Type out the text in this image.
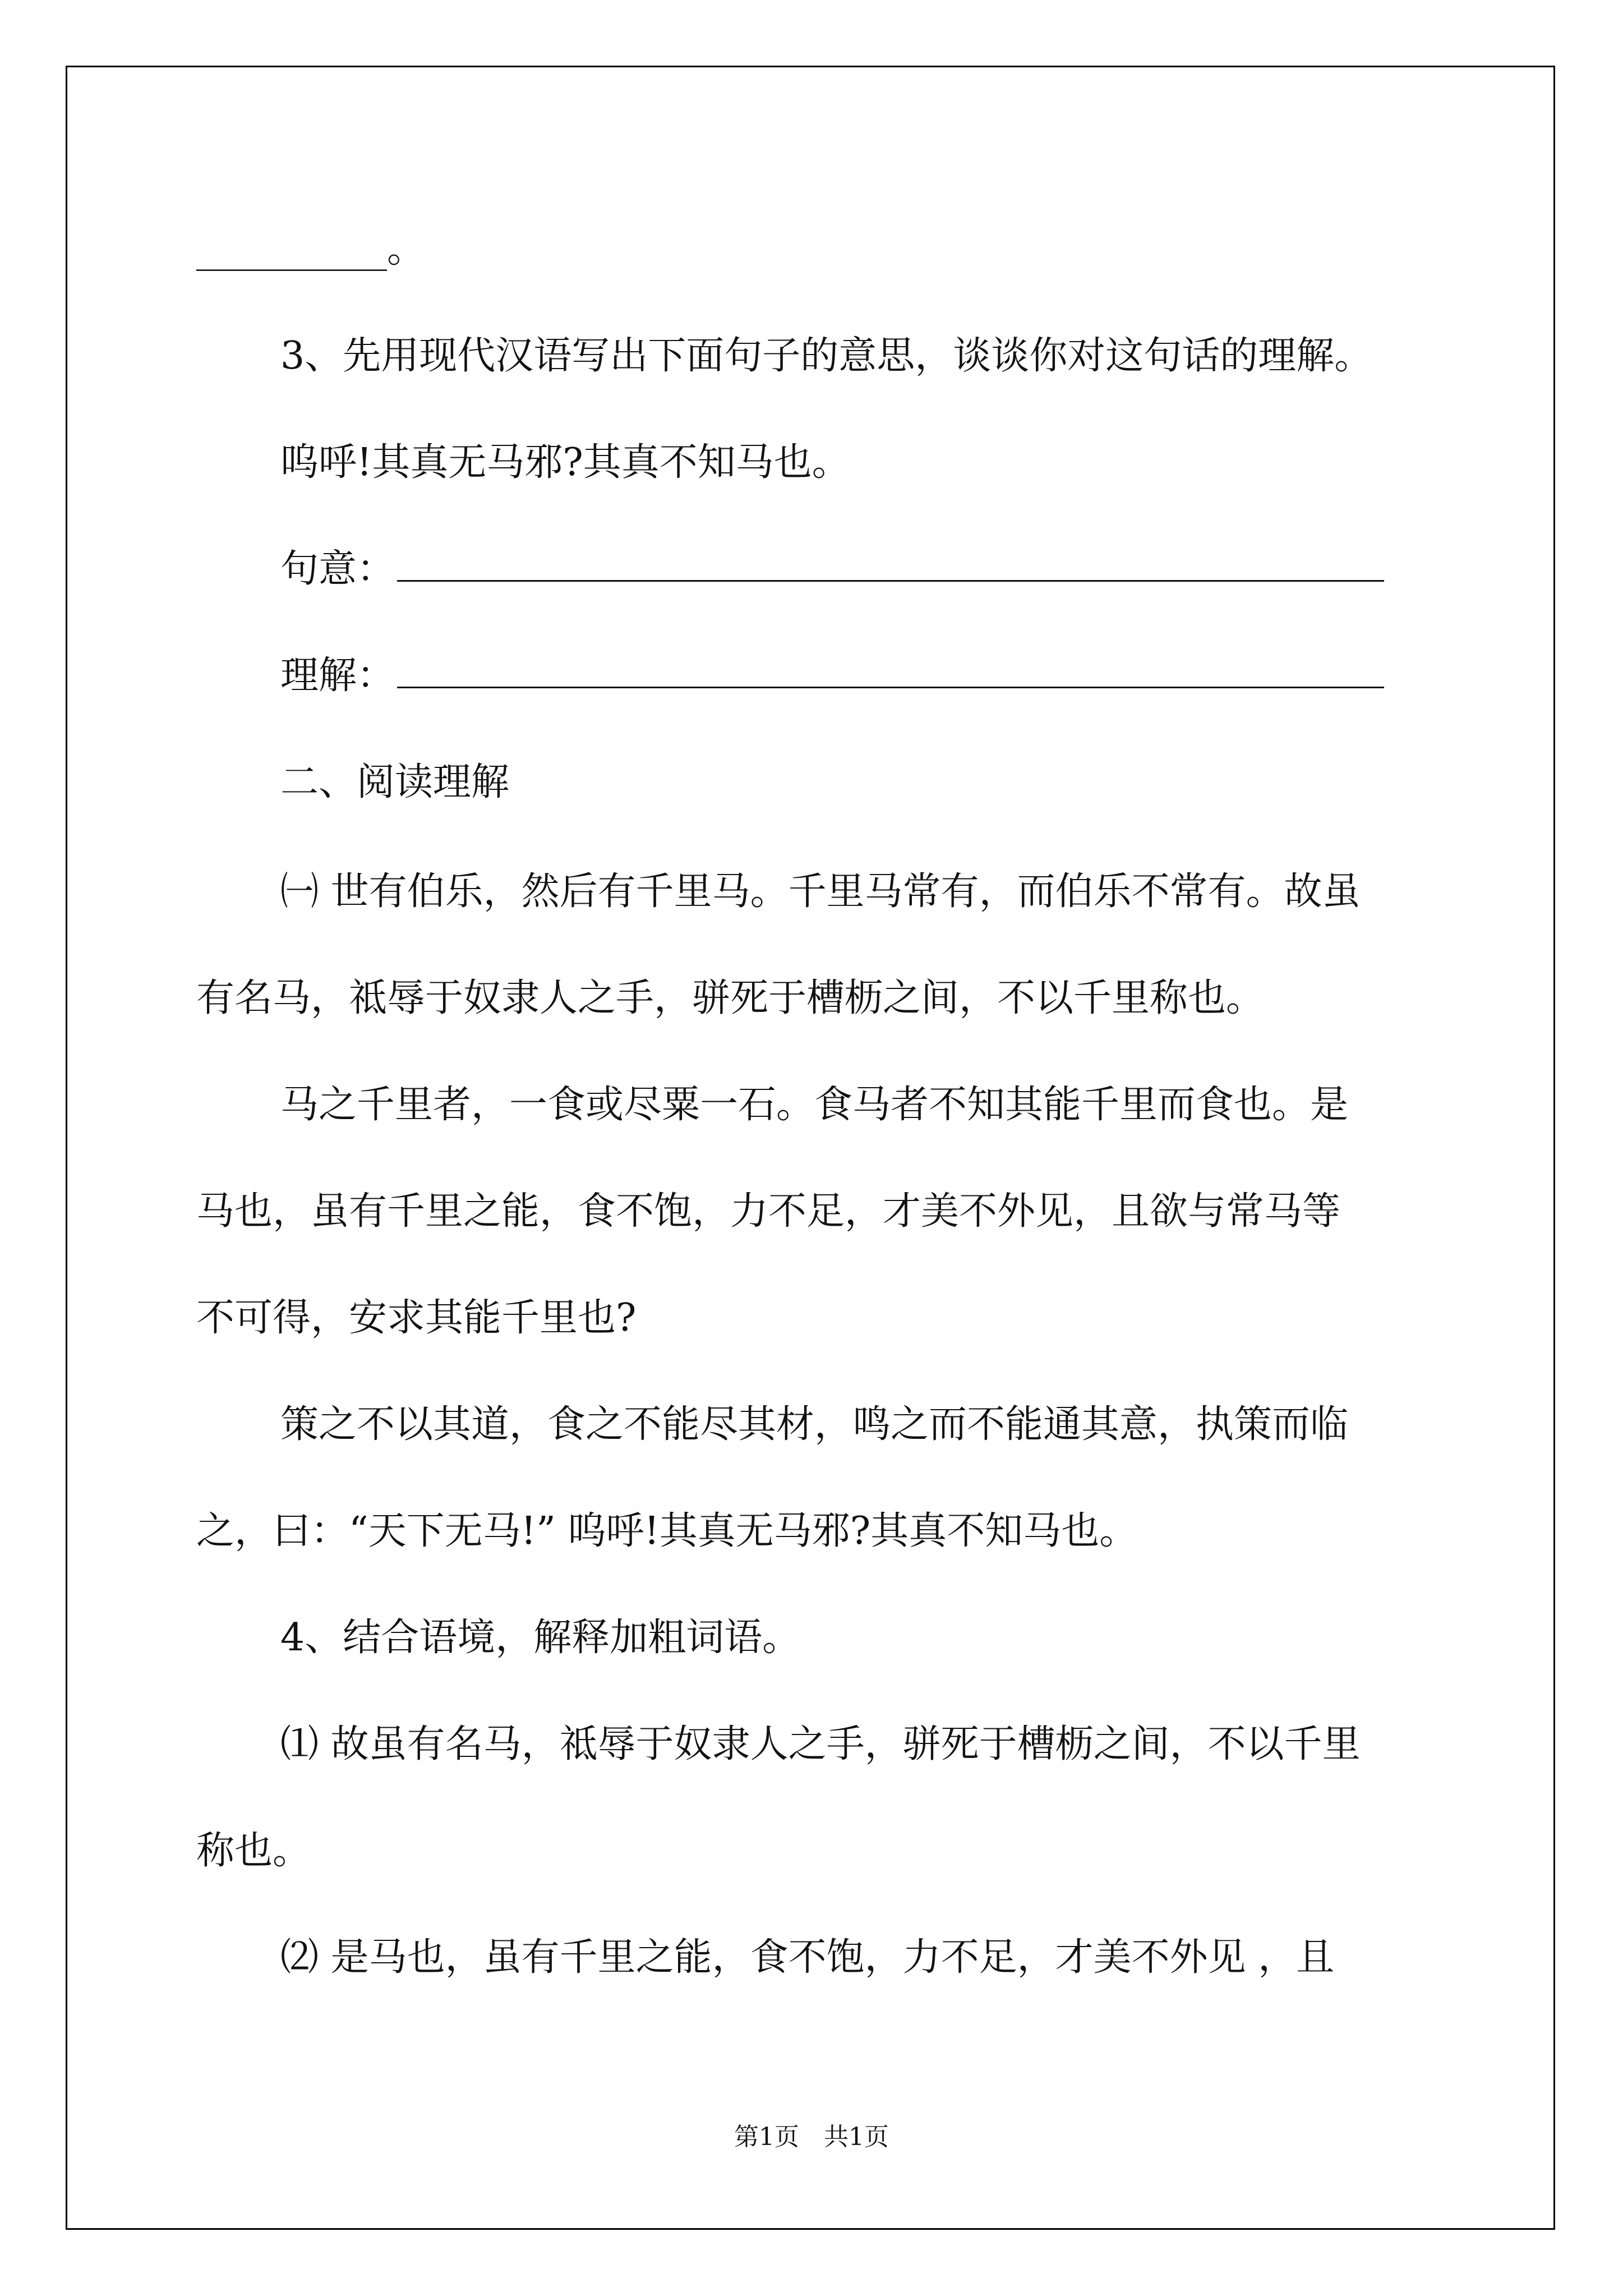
__________。
3、先用现代汉语写出下面句子的意思，谈谈你对这句话的理解。
呜呼!其真无马邪?其真不知马也。
句意：
理解：
二、阅读理解
㈠ 世有伯乐，然后有千里马。千里马常有，而伯乐不常有。故虽
有名马，祗辱于奴隶人之手，骈死于槽枥之间，不以千里称也。
马之千里者，一食或尽粟一石。食马者不知其能千里而食也。是
马也，虽有千里之能，食不饱，力不足，才美不外见，且欲与常马等
不可得，安求其能千里也?
策之不以其道，食之不能尽其材，鸣之而不能通其意，执策而临
之，曰：“天下无马!” 呜呼!其真无马邪?其真不知马也。
4、结合语境，解释加粗词语。
⑴ 故虽有名马，祗辱于奴隶人之手，骈死于槽枥之间，不以千里
称也。
⑵ 是马也，虽有千里之能，食不饱，力不足，才美不外见 ，且
第1页　共1页
